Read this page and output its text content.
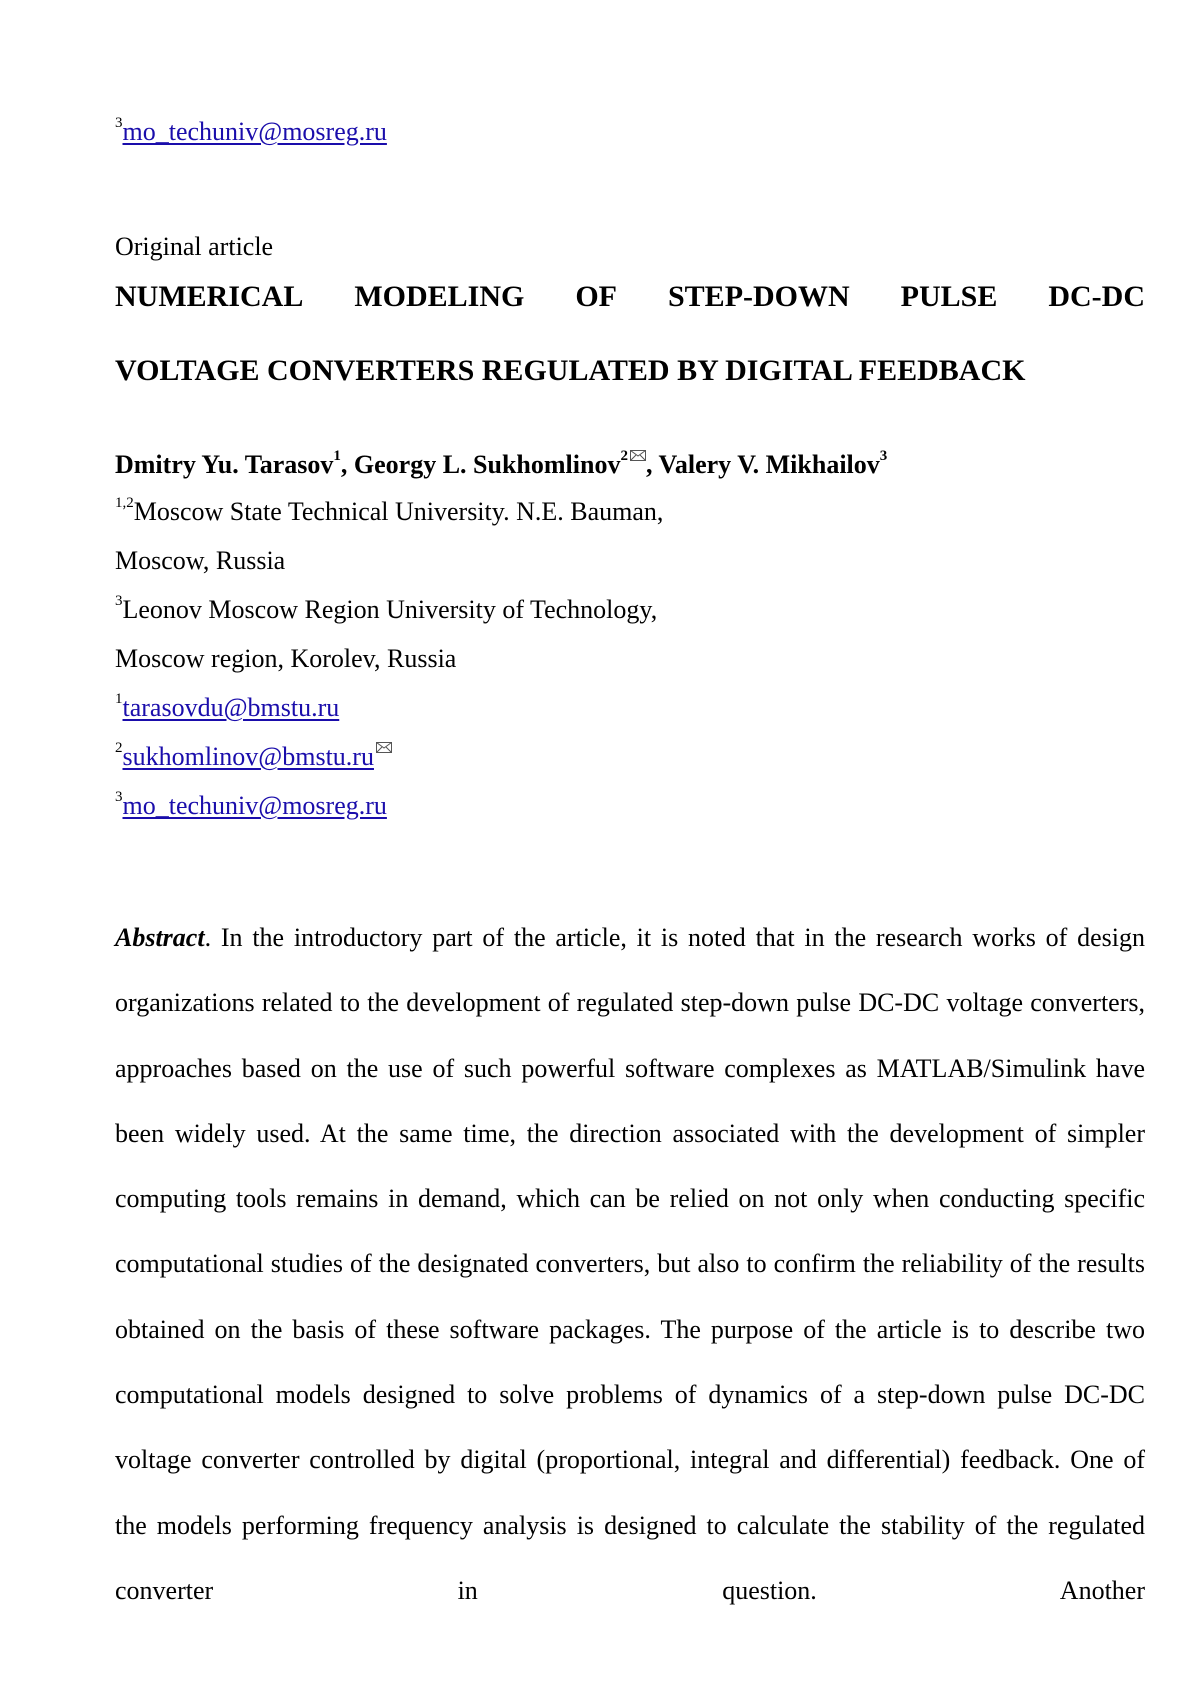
$^3$mo_techuniv@mosreg.ru
Original article
NUMERICAL MODELING OF STEP-DOWN PULSE DC-DC
VOLTAGE CONVERTERS REGULATED BY DIGITAL FEEDBACK
Dmitry Yu. Tarasov$^1$, Georgy L. Sukhomlinov$^2$ , Valery V. Mikhailov$^3$
$^{1,2}$Moscow State Technical University. N.E. Bauman,
Moscow, Russia
$^3$Leonov Moscow Region University of Technology,
Moscow region, Korolev, Russia
$^1$tarasovdu@bmstu.ru
$^2$sukhomlinov@bmstu.ru
$^3$mo_techuniv@mosreg.ru

Abstract. In the introductory part of the article, it is noted that in the research works of design organizations related to the development of regulated step-down pulse DC-DC voltage converters, approaches based on the use of such powerful software complexes as MATLAB/Simulink have been widely used. At the same time, the direction associated with the development of simpler computing tools remains in demand, which can be relied on not only when conducting specific computational studies of the designated converters, but also to confirm the reliability of the results obtained on the basis of these software packages. The purpose of the article is to describe two computational models designed to solve problems of dynamics of a step-down pulse DC-DC voltage converter controlled by digital (proportional, integral and differential) feedback. One of the models performing frequency analysis is designed to calculate the stability of the regulated converter in question. Another
